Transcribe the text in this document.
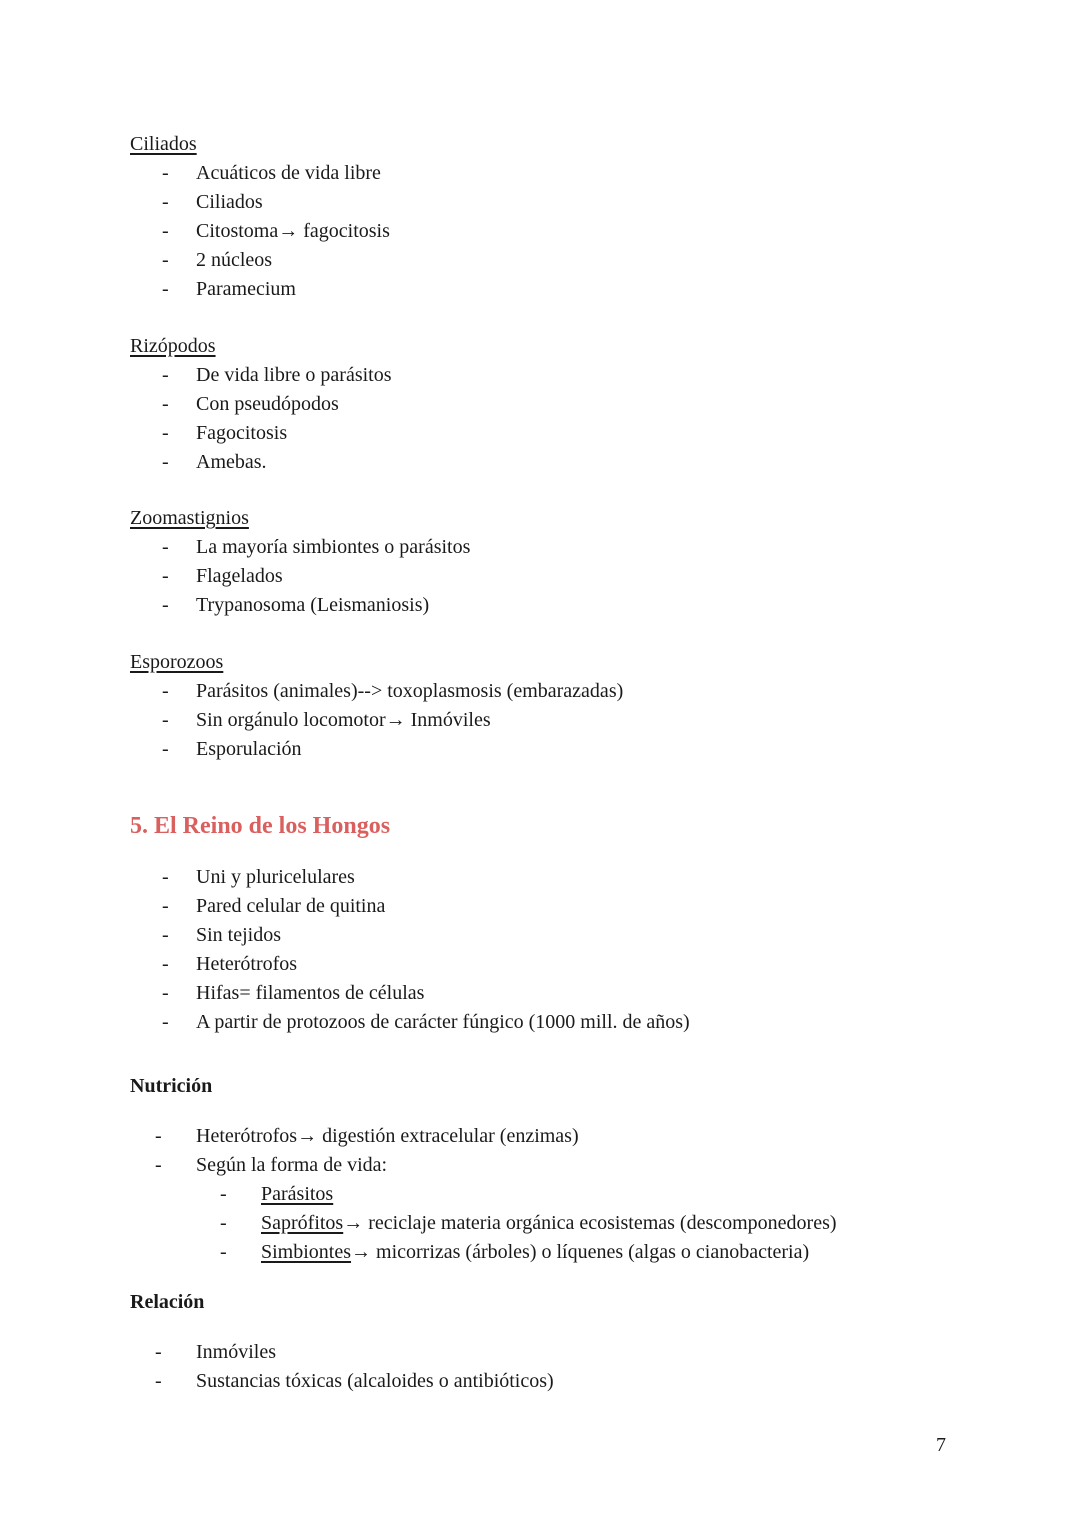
Ciliados
- Acuáticos de vida libre
- Ciliados
- Citostoma→ fagocitosis
- 2 núcleos
- Paramecium
Rizópodos
- De vida libre o parásitos
- Con pseudópodos
- Fagocitosis
- Amebas.
Zoomastignios
- La mayoría simbiontes o parásitos
- Flagelados
- Trypanosoma (Leismaniosis)
Esporozoos
- Parásitos (animales)--> toxoplasmosis (embarazadas)
- Sin orgánulo locomotor→ Inmóviles
- Esporulación
5. El Reino de los Hongos
- Uni y pluricelulares
- Pared celular de quitina
- Sin tejidos
- Heterótrofos
- Hifas= filamentos de células
- A partir de protozoos de carácter fúngico (1000 mill. de años)
Nutrición
- Heterótrofos→ digestión extracelular (enzimas)
- Según la forma de vida:
- Parásitos
- Saprófitos→ reciclaje materia orgánica ecosistemas (descomponedores)
- Simbiontes→ micorrizas (árboles) o líquenes (algas o cianobacteria)
Relación
- Inmóviles
- Sustancias tóxicas (alcaloides o antibióticos)
7
